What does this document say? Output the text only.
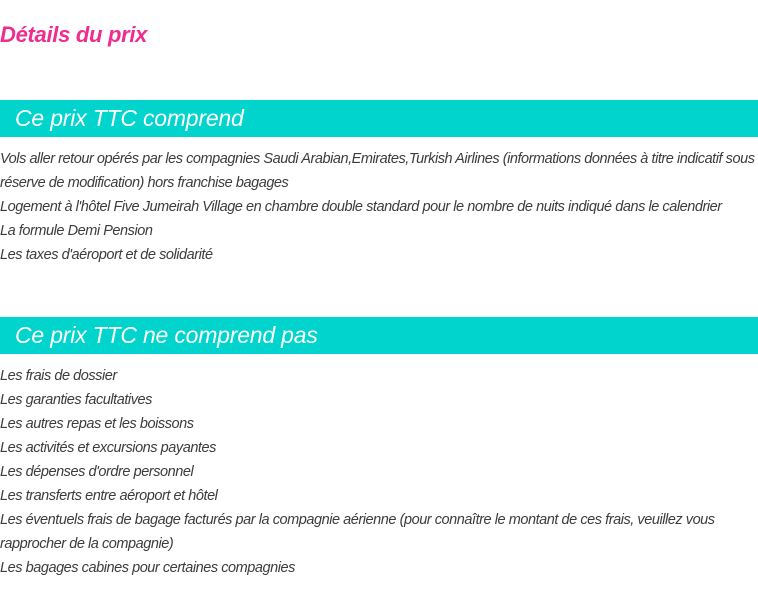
Détails du prix
Ce prix TTC comprend
Vols aller retour opérés par les compagnies Saudi Arabian,Emirates,Turkish Airlines (informations données à titre indicatif sous réserve de modification) hors franchise bagages
Logement à l'hôtel Five Jumeirah Village en chambre double standard pour le nombre de nuits indiqué dans le calendrier
La formule Demi Pension
Les taxes d'aéroport et de solidarité
Ce prix TTC ne comprend pas
Les frais de dossier
Les garanties facultatives
Les autres repas et les boissons
Les activités et excursions payantes
Les dépenses d'ordre personnel
Les transferts entre aéroport et hôtel
Les éventuels frais de bagage facturés par la compagnie aérienne (pour connaître le montant de ces frais, veuillez vous rapprocher de la compagnie)
Les bagages cabines pour certaines compagnies
